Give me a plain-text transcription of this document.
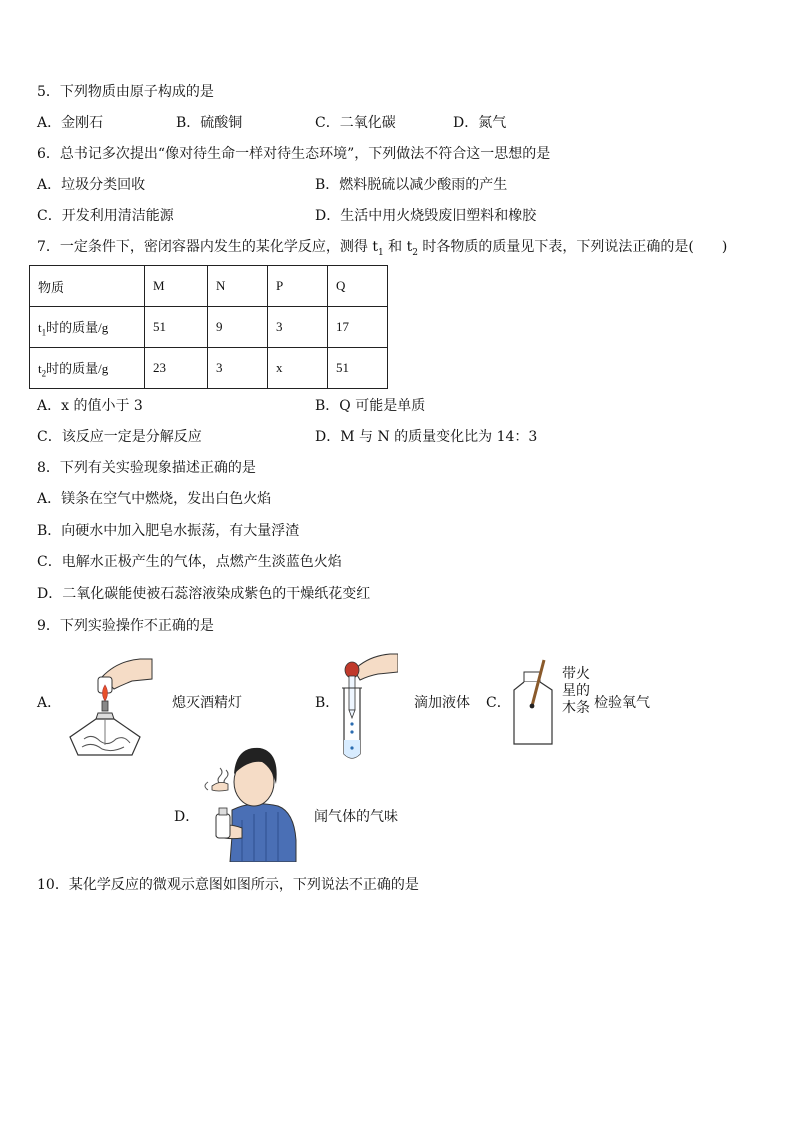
5．下列物质由原子构成的是
A．金刚石	B．硫酸铜	C．二氧化碳	D．氮气
6．总书记多次提出“像对待生命一样对待生态环境”，下列做法不符合这一思想的是
A．垃圾分类回收	B．燃料脱硫以减少酸雨的产生
C．开发利用清洁能源	D．生活中用火烧毁废旧塑料和橡胶
7．一定条件下，密闭容器内发生的某化学反应，测得 $t_1$ 和 $t_2$ 时各物质的质量见下表，下列说法正确的是(　　)
物质	M	N	P	Q
$t_1$时的质量/g	51	9	3	17
$t_2$时的质量/g	23	3	x	51
A．x 的值小于 3	B．Q 可能是单质
C．该反应一定是分解反应	D．M 与 N 的质量变化比为 14：3
8．下列有关实验现象描述正确的是
A．镁条在空气中燃烧，发出白色火焰
B．向硬水中加入肥皂水振荡，有大量浮渣
C．电解水正极产生的气体，点燃产生淡蓝色火焰
D．二氧化碳能使被石蕊溶液染成紫色的干燥纸花变红
9．下列实验操作不正确的是
A．	熄灭酒精灯	B．	滴加液体 C．
带火
星的
木条 检验氧气
D．	闻气体的气味
10．某化学反应的微观示意图如图所示，下列说法不正确的是
